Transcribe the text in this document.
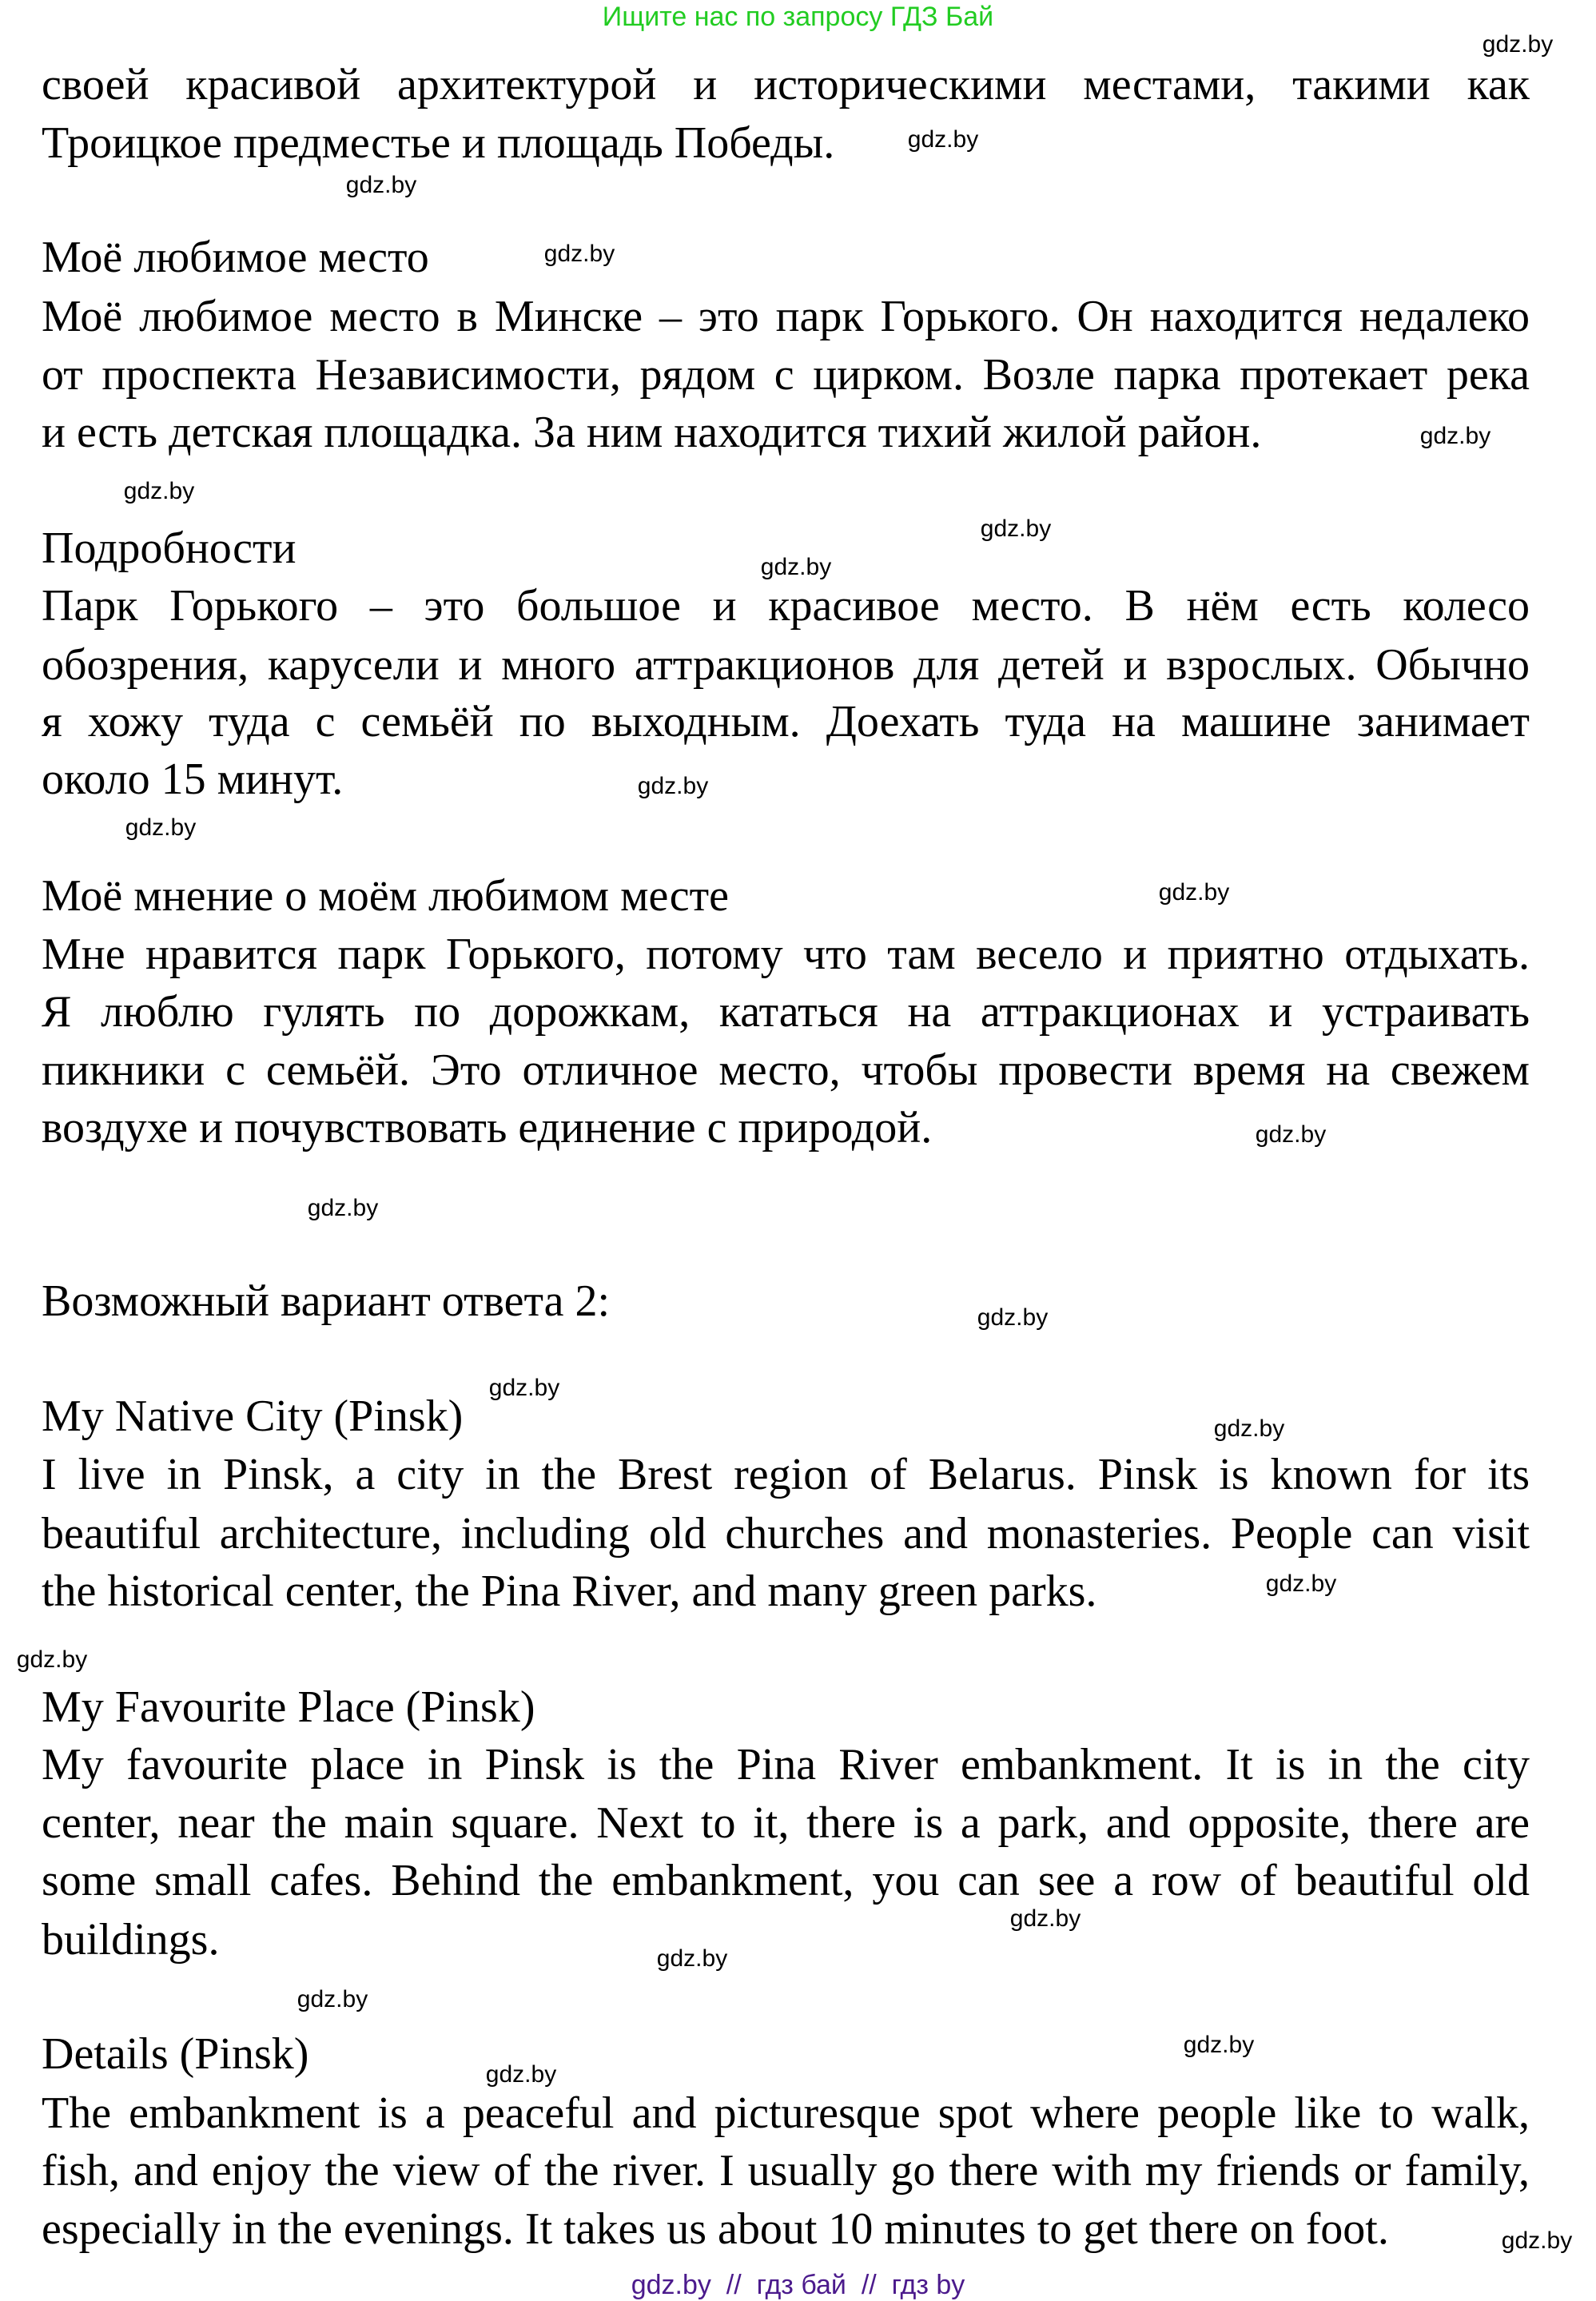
Ищите нас по запросу ГДЗ Бай
своей красивой архитектурой и историческими местами, такими как
Троицкое предместье и площадь Победы.
Моё любимое место
Моё любимое место в Минске – это парк Горького. Он находится недалеко
от проспекта Независимости, рядом с цирком. Возле парка протекает река
и есть детская площадка. За ним находится тихий жилой район.
Подробности
Парк Горького – это большое и красивое место. В нём есть колесо
обозрения, карусели и много аттракционов для детей и взрослых. Обычно
я хожу туда с семьёй по выходным. Доехать туда на машине занимает
около 15 минут.
Моё мнение о моём любимом месте
Мне нравится парк Горького, потому что там весело и приятно отдыхать.
Я люблю гулять по дорожкам, кататься на аттракционах и устраивать
пикники с семьёй. Это отличное место, чтобы провести время на свежем
воздухе и почувствовать единение с природой.
Возможный вариант ответа 2:
My Native City (Pinsk)
I live in Pinsk, a city in the Brest region of Belarus. Pinsk is known for its
beautiful architecture, including old churches and monasteries. People can visit
the historical center, the Pina River, and many green parks.
My Favourite Place (Pinsk)
My favourite place in Pinsk is the Pina River embankment. It is in the city
center, near the main square. Next to it, there is a park, and opposite, there are
some small cafes. Behind the embankment, you can see a row of beautiful old
buildings.
Details (Pinsk)
The embankment is a peaceful and picturesque spot where people like to walk,
fish, and enjoy the view of the river. I usually go there with my friends or family,
especially in the evenings. It takes us about 10 minutes to get there on foot.
gdz.by
gdz.by
gdz.by
gdz.by
gdz.by
gdz.by
gdz.by
gdz.by
gdz.by
gdz.by
gdz.by
gdz.by
gdz.by
gdz.by
gdz.by
gdz.by
gdz.by
gdz.by
gdz.by
gdz.by
gdz.by
gdz.by
gdz.by
gdz.by
gdz.by  //  гдз бай  //  гдз by
